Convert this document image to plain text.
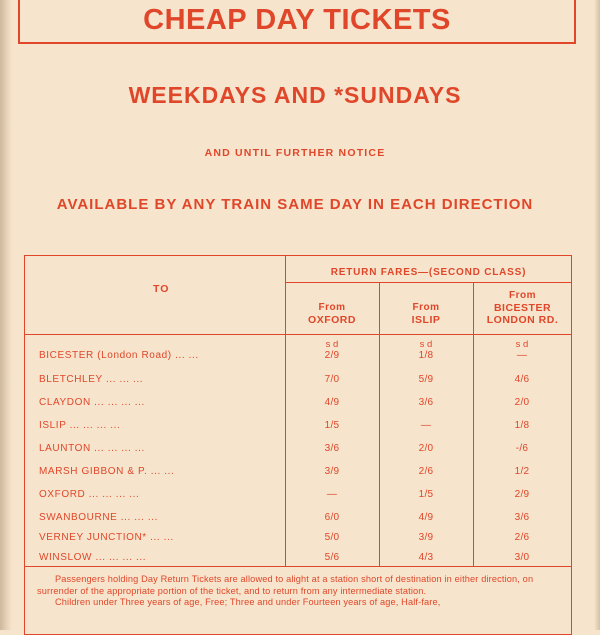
CHEAP DAY TICKETS
WEEKDAYS AND *SUNDAYS
AND UNTIL FURTHER NOTICE
AVAILABLE BY ANY TRAIN SAME DAY IN EACH DIRECTION
TO
RETURN FARES—(SECOND CLASS)
From
OXFORD
From
ISLIP
From
BICESTER
LONDON RD.
s d	s d	s d
BICESTER (London Road) ... ...	2/9	1/8	—
BLETCHLEY ... ... ...	7/0	5/9	4/6
CLAYDON ... ... ... ...	4/9	3/6	2/0
ISLIP ... ... ... ...	1/5	—	1/8
LAUNTON ... ... ... ...	3/6	2/0	-/6
MARSH GIBBON & P. ... ...	3/9	2/6	1/2
OXFORD ... ... ... ...	—	1/5	2/9
SWANBOURNE ... ... ...	6/0	4/9	3/6
VERNEY JUNCTION* ... ...	5/0	3/9	2/6
WINSLOW ... ... ... ...	5/6	4/3	3/0

Passengers holding Day Return Tickets are allowed to alight at a station short of destination in either direction, on surrender of the appropriate portion of the ticket, and to return from any intermediate station.

Children under Three years of age, Free; Three and under Fourteen years of age, Half-fare,
